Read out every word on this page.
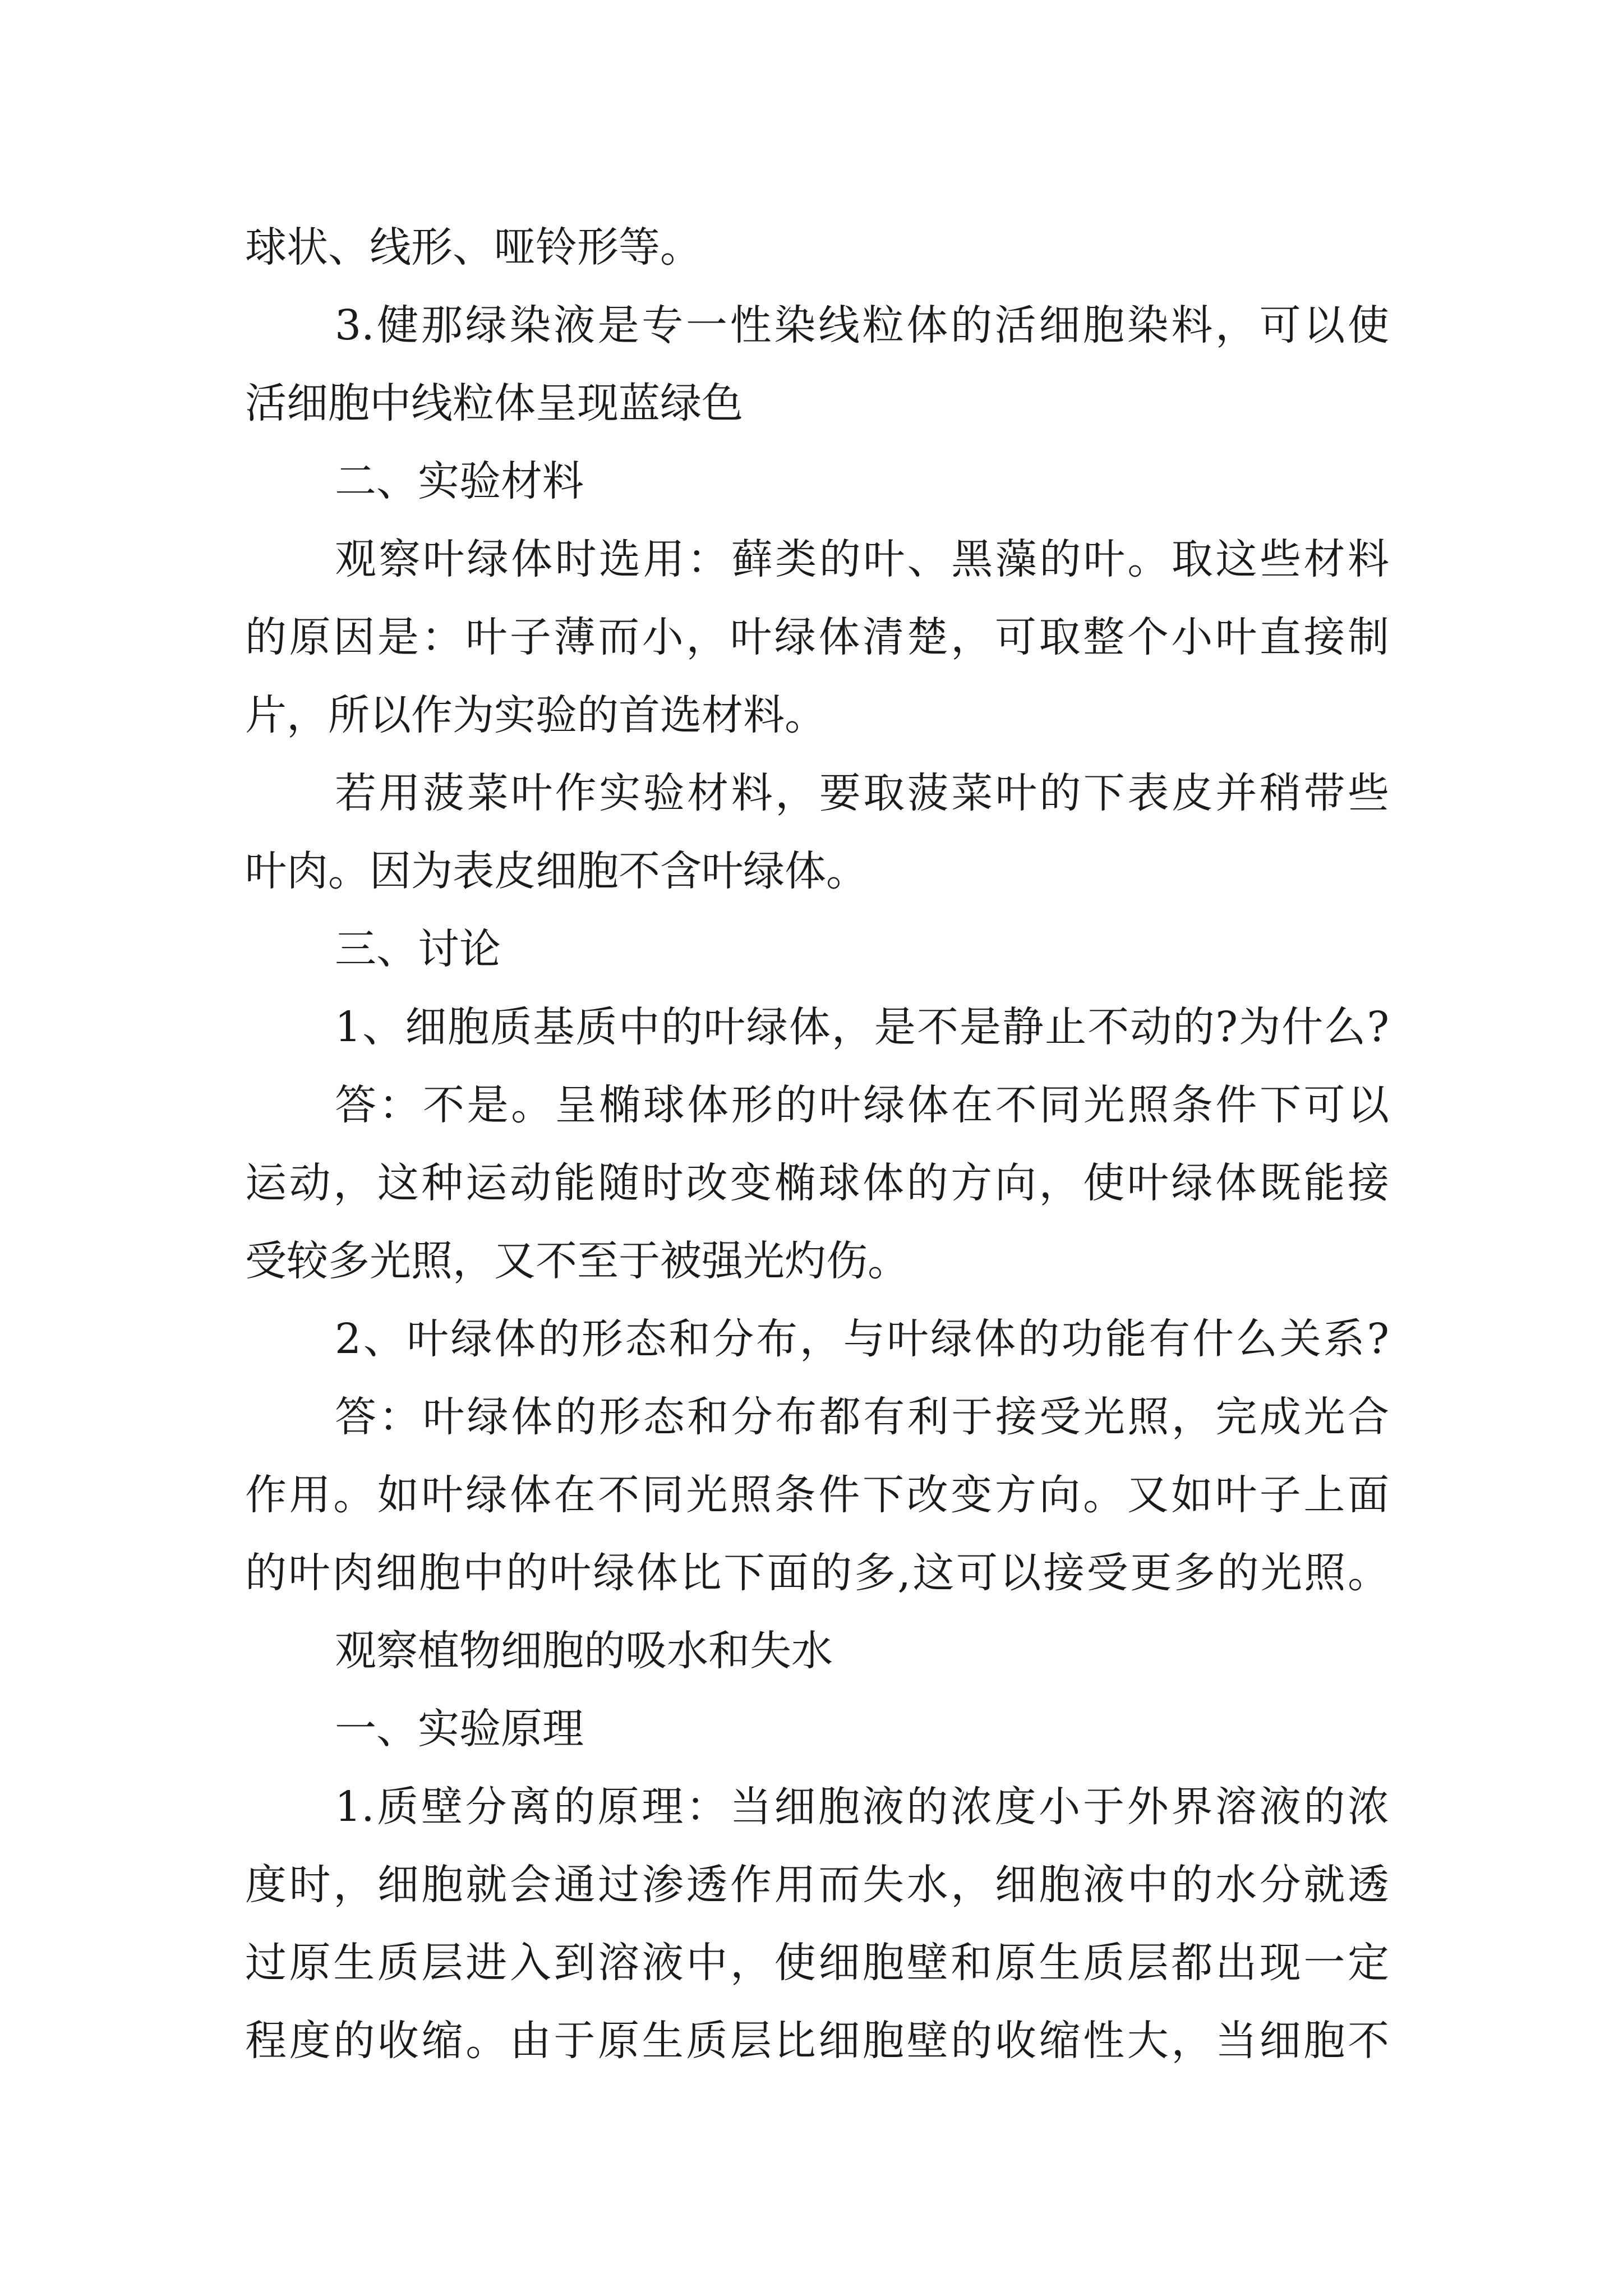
球状、线形、哑铃形等。
3.健那绿染液是专一性染线粒体的活细胞染料，可以使
活细胞中线粒体呈现蓝绿色
二、实验材料
观察叶绿体时选用：藓类的叶、黑藻的叶。取这些材料
的原因是：叶子薄而小，叶绿体清楚，可取整个小叶直接制
片，所以作为实验的首选材料。
若用菠菜叶作实验材料，要取菠菜叶的下表皮并稍带些
叶肉。因为表皮细胞不含叶绿体。
三、讨论
1、细胞质基质中的叶绿体，是不是静止不动的?为什么?
答：不是。呈椭球体形的叶绿体在不同光照条件下可以
运动，这种运动能随时改变椭球体的方向，使叶绿体既能接
受较多光照，又不至于被强光灼伤。
2、叶绿体的形态和分布，与叶绿体的功能有什么关系?
答：叶绿体的形态和分布都有利于接受光照，完成光合
作用。如叶绿体在不同光照条件下改变方向。又如叶子上面
的叶肉细胞中的叶绿体比下面的多,这可以接受更多的光照。
观察植物细胞的吸水和失水
一、实验原理
1.质壁分离的原理：当细胞液的浓度小于外界溶液的浓
度时，细胞就会通过渗透作用而失水，细胞液中的水分就透
过原生质层进入到溶液中，使细胞壁和原生质层都出现一定
程度的收缩。由于原生质层比细胞壁的收缩性大，当细胞不
